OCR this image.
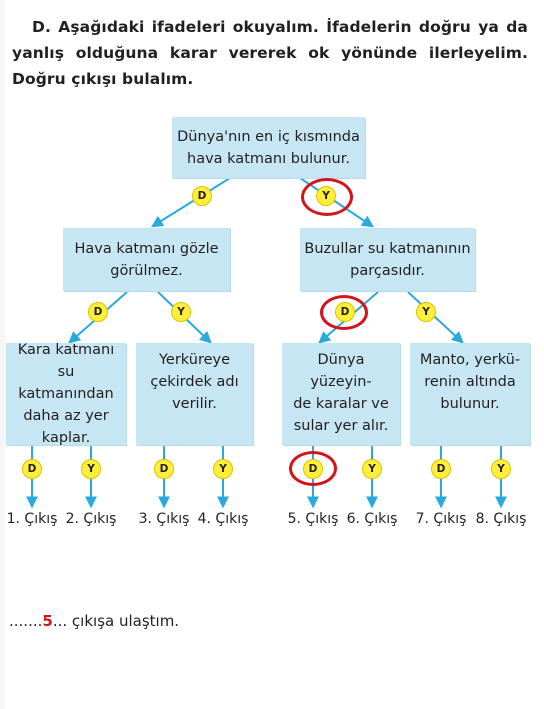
D. Aşağıdaki ifadeleri okuyalım. İfadelerin doğru ya da yanlış olduğuna karar vererek ok yönünde ilerleyelim. Doğru çıkışı bulalım.
Dünya'nın en iç kısmında
hava katmanı bulunur.
Hava katmanı gözle
görülmez.
Buzullar su katmanının
parçasıdır.
Kara katmanı
su katmanından
daha az yer
kaplar.
Yerküreye
çekirdek adı
verilir.
Dünya yüzeyin-
de karalar ve
sular yer alır.
Manto, yerkü-
renin altında
bulunur.
D	Y
D	Y	D	Y
D	Y	D	Y	D	Y	D	Y
1. Çıkış 2. Çıkış	3. Çıkış 4. Çıkış	5. Çıkış 6. Çıkış	7. Çıkış 8. Çıkış
.......5... çıkışa ulaştım.
